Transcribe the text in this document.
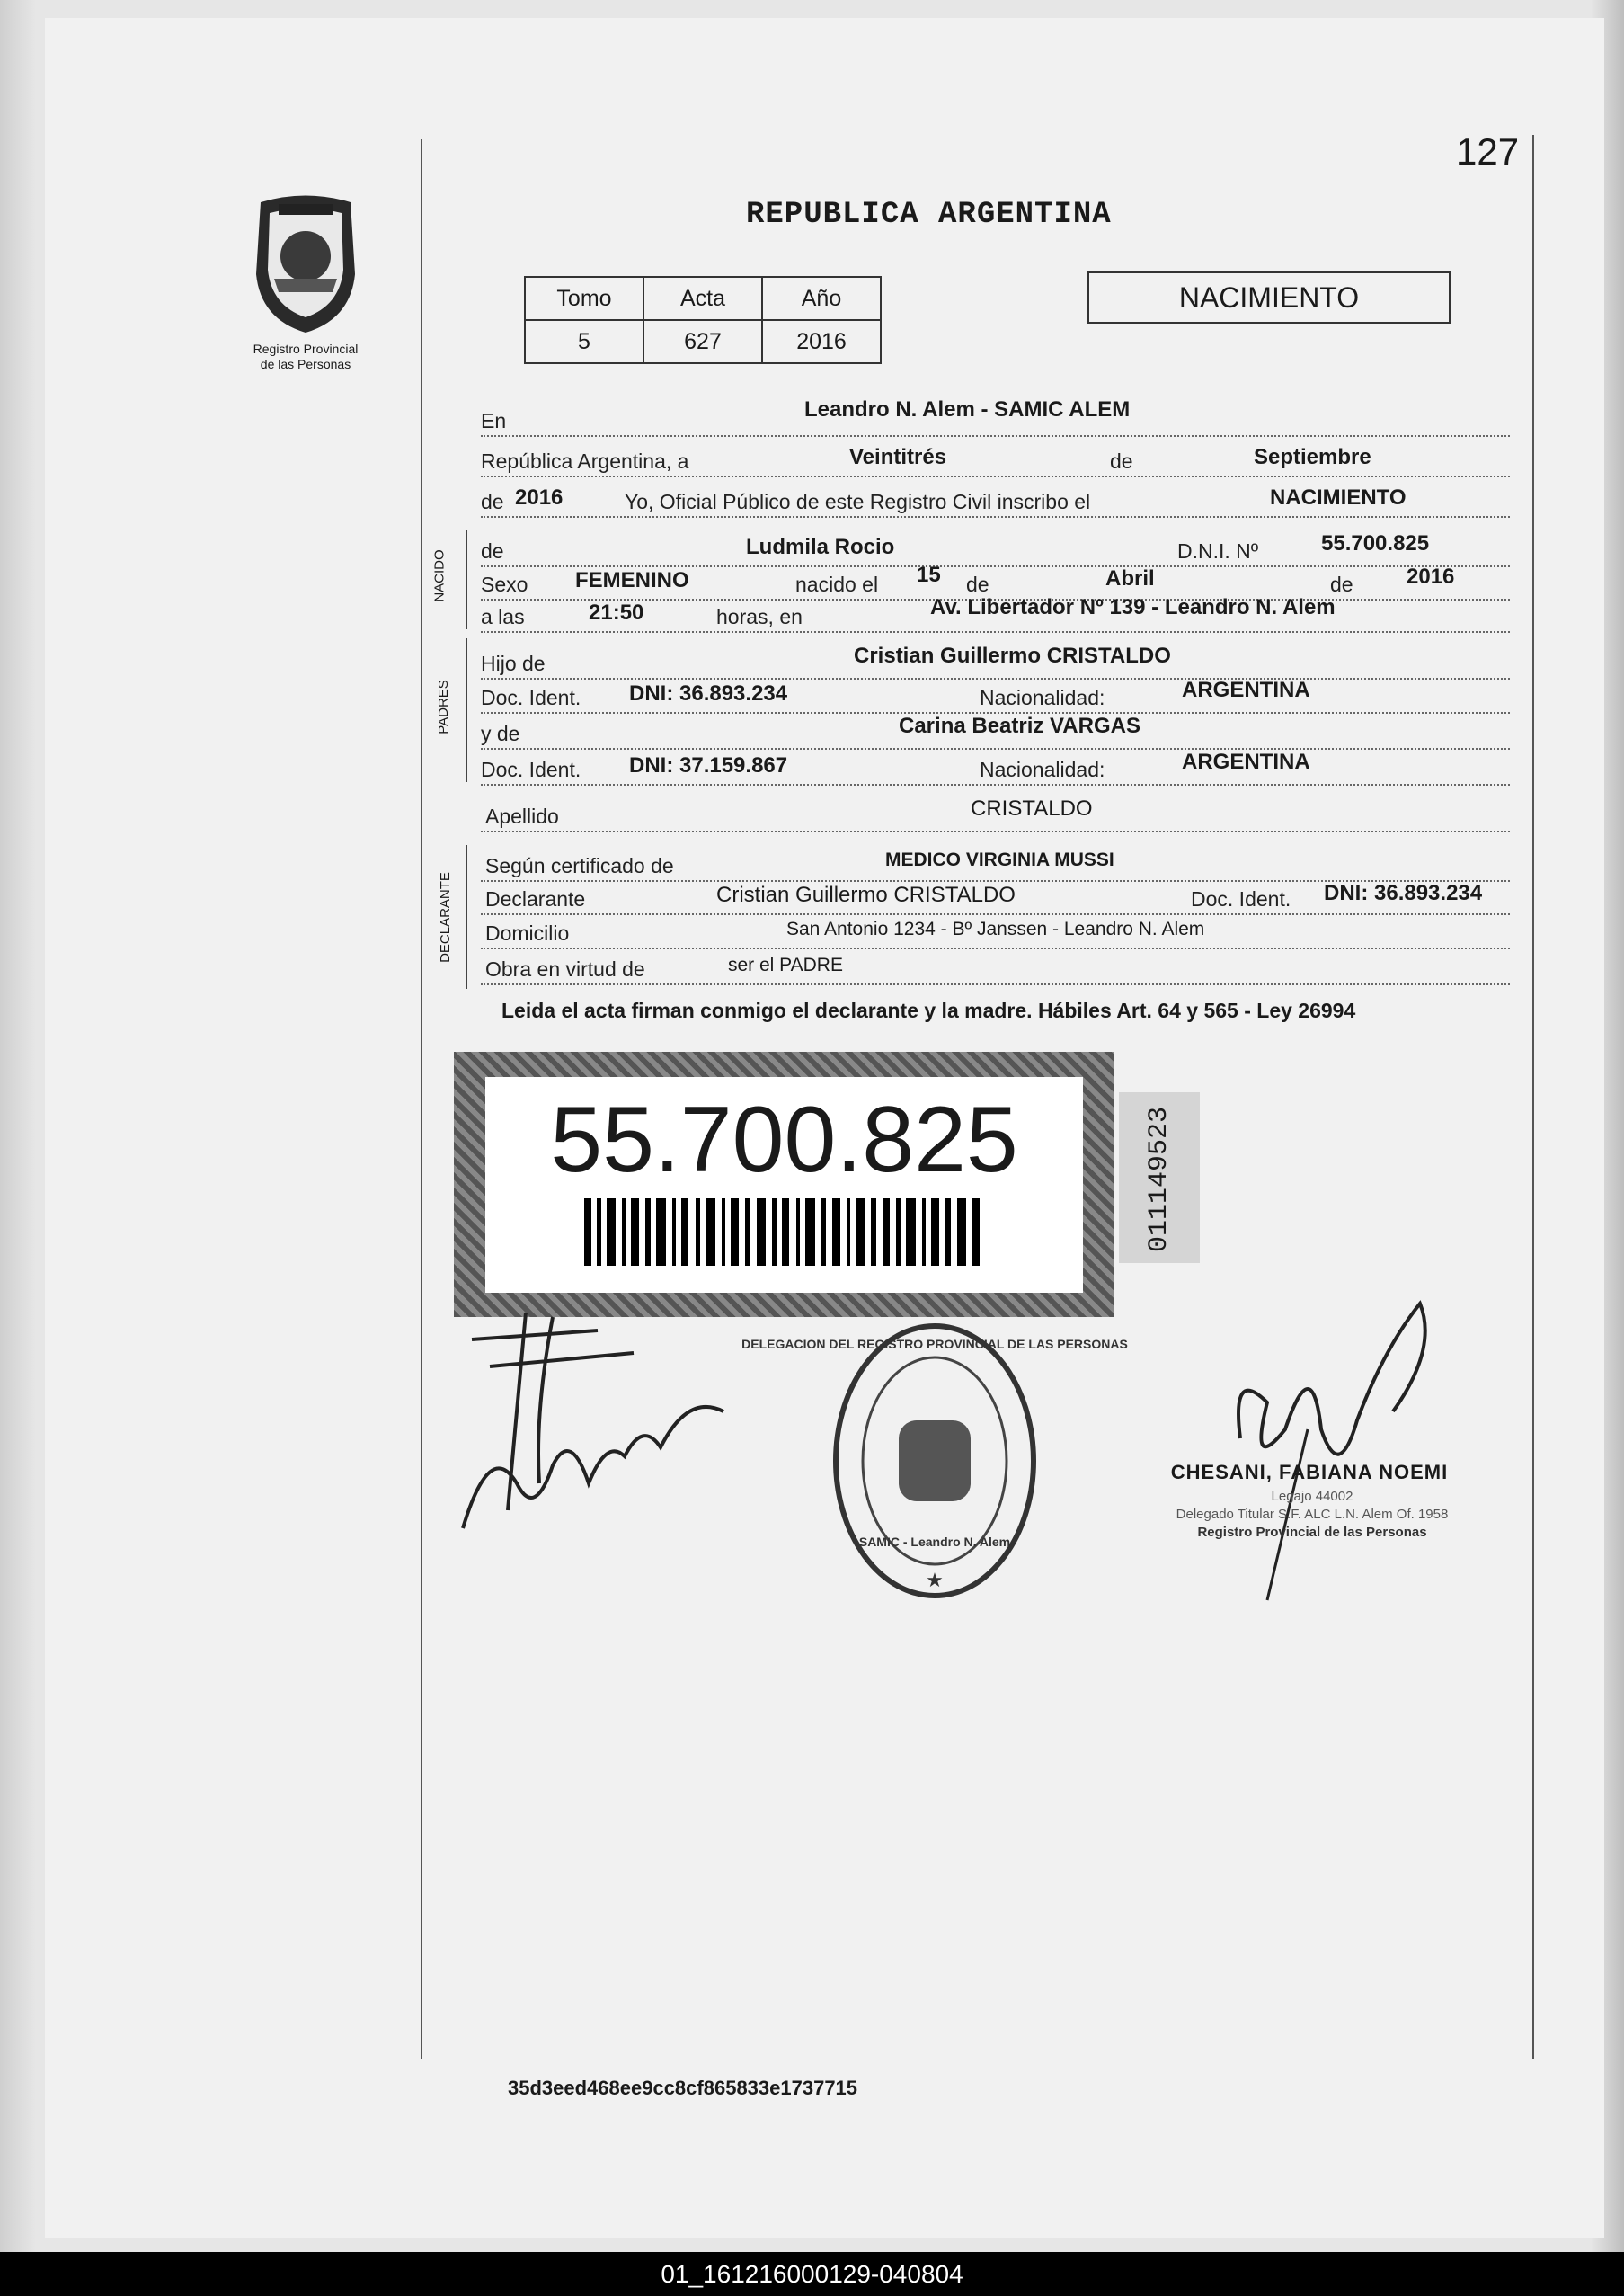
127
REPUBLICA ARGENTINA
Registro Provincial
de las Personas
Tomo	Acta	Año
5	627	2016
NACIMIENTO
En	Leandro N. Alem - SAMIC ALEM
República Argentina, a	Veintitrés	de	Septiembre
de 2016	Yo, Oficial Público de este Registro Civil inscribo el	NACIMIENTO
NACIDO de	Ludmila Rocio	D.N.I. Nº	55.700.825
Sexo FEMENINO	nacido el 15 de	Abril	de 2016
a las	21:50	horas, en	Av. Libertador Nº 139 - Leandro N. Alem
PADRES
Hijo de	Cristian Guillermo CRISTALDO
Doc. Ident. DNI: 36.893.234	Nacionalidad:	ARGENTINA
y de	Carina Beatriz VARGAS
Doc. Ident. DNI: 37.159.867	Nacionalidad:	ARGENTINA
Apellido	CRISTALDO
DECLARANTE
Según certificado de	MEDICO VIRGINIA MUSSI
Declarante	Cristian Guillermo CRISTALDO	Doc. Ident. DNI: 36.893.234
Domicilio	San Antonio 1234 - Bº Janssen - Leandro N. Alem
Obra en virtud de	ser el PADRE
Leida el acta firman conmigo el declarante y la madre. Hábiles Art. 64 y 565 - Ley 26994
55.700.825	011149523
DELEGACION DEL REGISTRO PROVINCIAL DE LAS PERSONAS
SAMIC - Leandro N. Alem
★
CHESANI, FABIANA NOEMI
Legajo 44002
Delegado Titular S.F. ALC L.N. Alem Of. 1958
Registro Provincial de las Personas
35d3eed468ee9cc8cf865833e1737715
01_161216000129-040804
